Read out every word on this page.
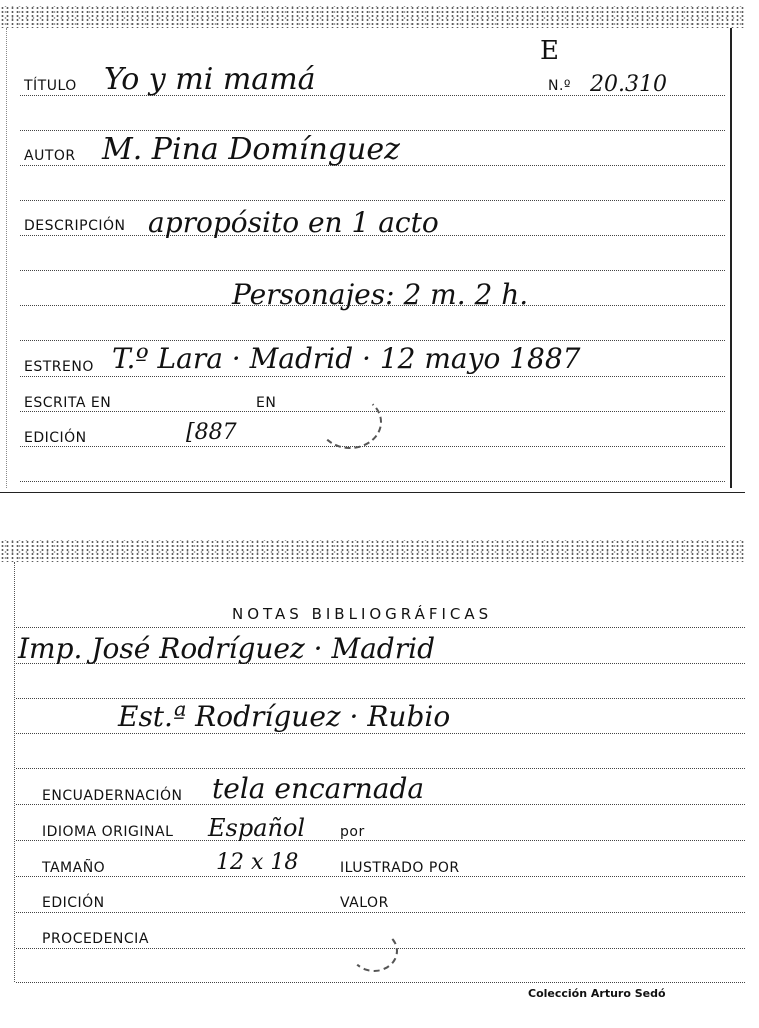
E
TÍTULO Yo y mi mamá	N.º 20.310
AUTOR M. Pina Domínguez
DESCRIPCIÓN apropósito en 1 acto
Personajes: 2 m. 2 h.
ESTRENO T.º Lara · Madrid · 12 mayo 1887
ESCRITA EN	EN
EDICIÓN	[887
NOTAS BIBLIOGRÁFICAS
Imp. José Rodríguez · Madrid
Est.ª Rodríguez · Rubio
ENCUADERNACIÓN tela encarnada
IDIOMA ORIGINAL Español por
TAMAÑO	12 x 18	ILUSTRADO POR
EDICIÓN	VALOR
PROCEDENCIA
Colección Arturo Sedó
